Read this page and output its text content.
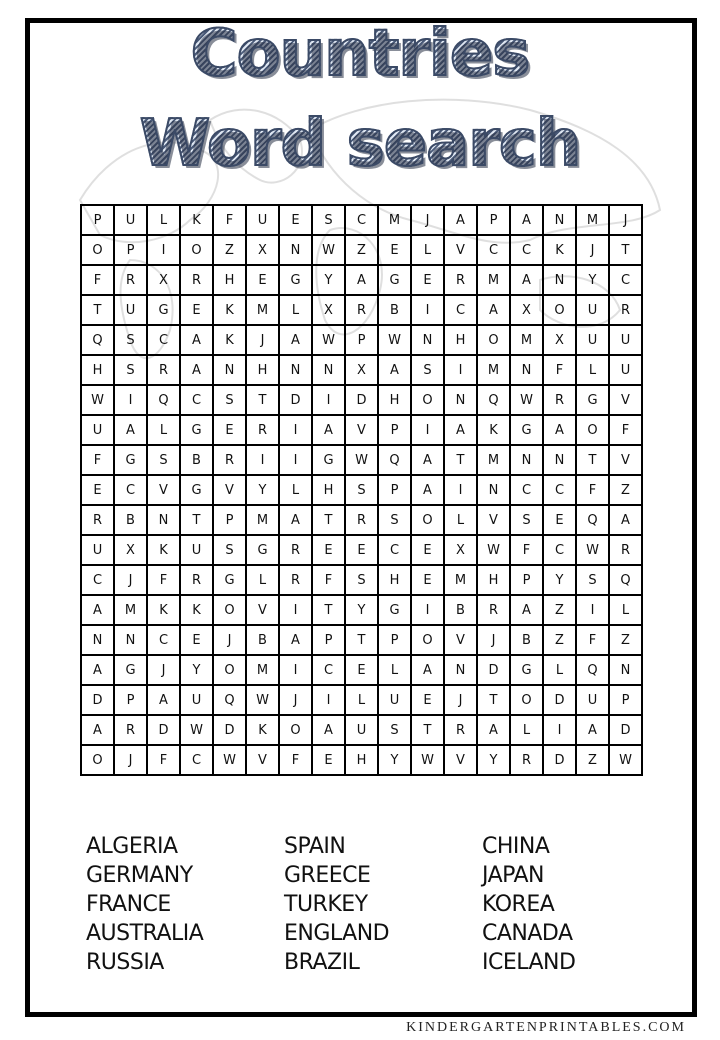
Countries
Word search
P	U	L	K	F	U	E	S	C	M	J	A	P	A	N	M	J
O	P	I	O	Z	X	N	W	Z	E	L	V	C	C	K	J	T
F	R	X	R	H	E	G	Y	A	G	E	R	M	A	N	Y	C
T	U	G	E	K	M	L	X	R	B	I	C	A	X	O	U	R
Q	S	C	A	K	J	A	W	P	W	N	H	O	M	X	U	U
H	S	R	A	N	H	N	N	X	A	S	I	M	N	F	L	U
W	I	Q	C	S	T	D	I	D	H	O	N	Q	W	R	G	V
U	A	L	G	E	R	I	A	V	P	I	A	K	G	A	O	F
F	G	S	B	R	I	I	G	W	Q	A	T	M	N	N	T	V
E	C	V	G	V	Y	L	H	S	P	A	I	N	C	C	F	Z
R	B	N	T	P	M	A	T	R	S	O	L	V	S	E	Q	A
U	X	K	U	S	G	R	E	E	C	E	X	W	F	C	W	R
C	J	F	R	G	L	R	F	S	H	E	M	H	P	Y	S	Q
A	M	K	K	O	V	I	T	Y	G	I	B	R	A	Z	I	L
N	N	C	E	J	B	A	P	T	P	O	V	J	B	Z	F	Z
A	G	J	Y	O	M	I	C	E	L	A	N	D	G	L	Q	N
D	P	A	U	Q	W	J	I	L	U	E	J	T	O	D	U	P
A	R	D	W	D	K	O	A	U	S	T	R	A	L	I	A	D
O	J	F	C	W	V	F	E	H	Y	W	V	Y	R	D	Z	W
ALGERIA
GERMANY
FRANCE
AUSTRALIA
RUSSIA
SPAIN
GREECE
TURKEY
ENGLAND
BRAZIL
CHINA
JAPAN
KOREA
CANADA
ICELAND
KINDERGARTENPRINTABLES.COM
